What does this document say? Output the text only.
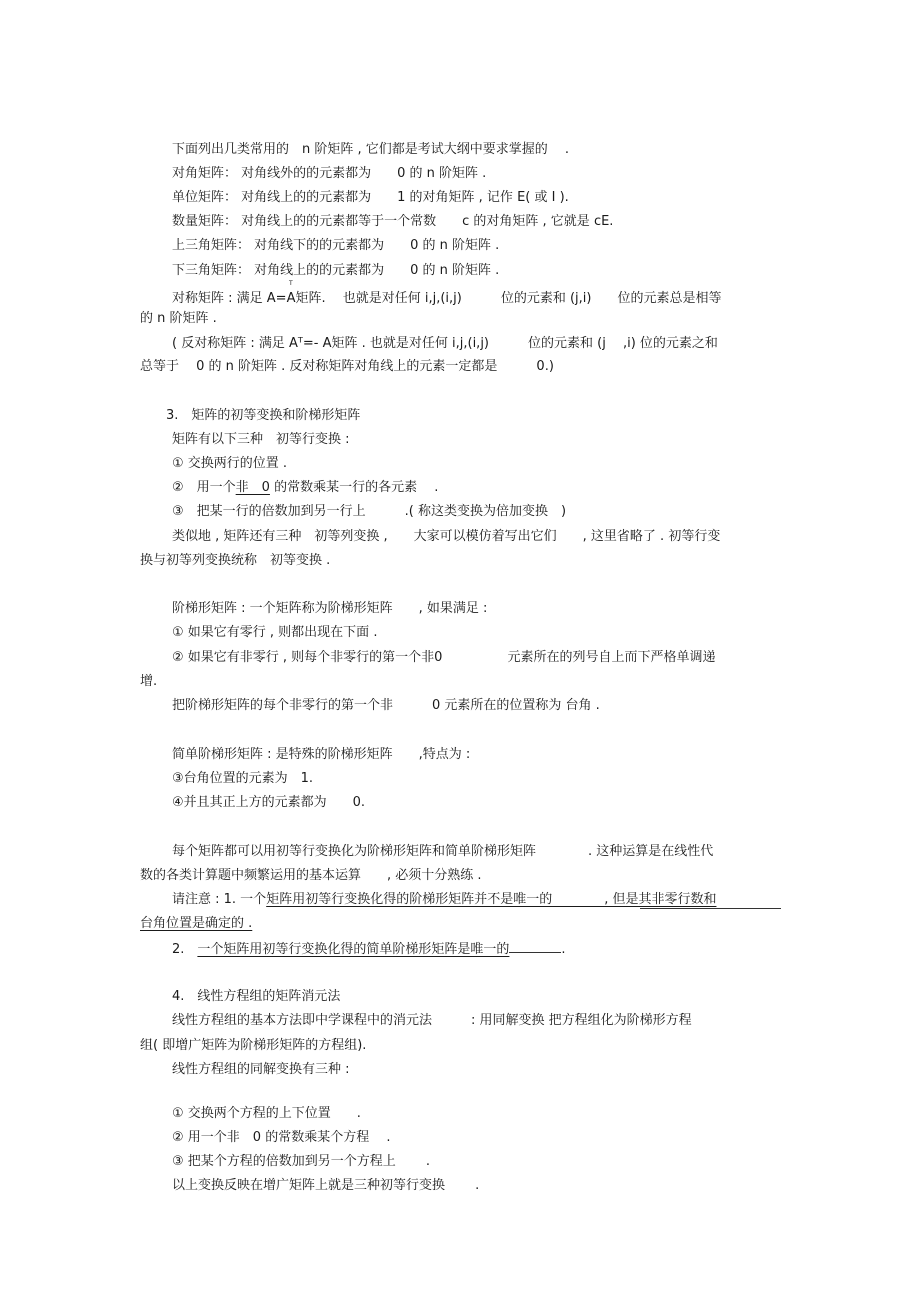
下面列出几类常用的　n 阶矩阵 , 它们都是考试大纲中要求掌握的　 .
对角矩阵： 对角线外的的元素都为　　0 的 n 阶矩阵 .
单位矩阵： 对角线上的的元素都为　　1 的对角矩阵 , 记作 E( 或 I ).
数量矩阵： 对角线上的的元素都等于一个常数　　c 的对角矩阵 , 它就是 cE.
上三角矩阵： 对角线下的的元素都为　　0 的 n 阶矩阵 .
下三角矩阵： 对角线上的的元素都为　　0 的 n 阶矩阵 .
T
对称矩阵 : 满足 A=A矩阵.　 也就是对任何 i,j,(i,j)　　　位的元素和 (j,i)　　位的元素总是相等
的 n 阶矩阵 .
( 反对称矩阵 : 满足 Aᵀ=- A矩阵 . 也就是对任何 i,j,(i,j)　　　位的元素和 (j　 ,i) 位的元素之和
总等于　 0 的 n 阶矩阵 . 反对称矩阵对角线上的元素一定都是　　　0.)
3.　矩阵的初等变换和阶梯形矩阵
矩阵有以下三种　初等行变换 :
① 交换两行的位置 .
②　用一个非　0 的常数乘某一行的各元素　 .
③　把某一行的倍数加到另一行上　　　.( 称这类变换为倍加变换　)
类似地 , 矩阵还有三种　初等列变换 ,　　大家可以模仿着写出它们　　, 这里省略了 . 初等行变
换与初等列变换统称　初等变换 .
阶梯形矩阵 : 一个矩阵称为阶梯形矩阵　　, 如果满足 :
① 如果它有零行 , 则都出现在下面 .
② 如果它有非零行 , 则每个非零行的第一个非0　　　　　元素所在的列号自上而下严格单调递
增.
把阶梯形矩阵的每个非零行的第一个非　　　0 元素所在的位置称为 台角 .
简单阶梯形矩阵 : 是特殊的阶梯形矩阵　　,特点为 :
③台角位置的元素为　1.
④并且其正上方的元素都为　　0.
每个矩阵都可以用初等行变换化为阶梯形矩阵和简单阶梯形矩阵　　　　. 这种运算是在线性代
数的各类计算题中频繁运用的基本运算　　, 必须十分熟练 .
请注意 : 1. 一个矩阵用初等行变换化得的阶梯形矩阵并不是唯一的　　　　, 但是其非零行数和
台角位置是确定的 .
2.　一个矩阵用初等行变换化得的简单阶梯形矩阵是唯一的	.
4.　线性方程组的矩阵消元法
线性方程组的基本方法即中学课程中的消元法　　　: 用同解变换 把方程组化为阶梯形方程
组( 即增广矩阵为阶梯形矩阵的方程组).
线性方程组的同解变换有三种 :
① 交换两个方程的上下位置　　.
② 用一个非　0 的常数乘某个方程　 .
③ 把某个方程的倍数加到另一个方程上　　 .
以上变换反映在增广矩阵上就是三种初等行变换　　 .
